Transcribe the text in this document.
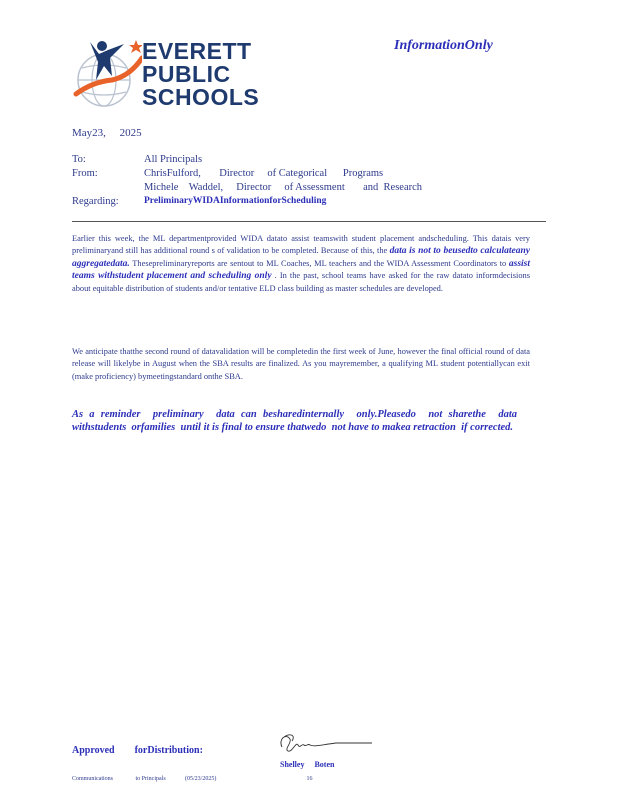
EVERETT
PUBLIC
SCHOOLS
InformationOnly
May23,     2025
To:	All Principals
From:	ChrisFulford,       Director     of Categorical      Programs
Michele    Waddel,     Director     of Assessment       and  Research
Regarding:	PreliminaryWIDAInformationforScheduling
Earlier this week, the ML departmentprovided WIDA datato assist teamswith student placement andscheduling. This datais very preliminaryand still has additional round s of validation to be completed. Because of this, the data is not to beusedto calculateany aggregatedata. Thesepreliminaryreports are sentout to ML Coaches, ML teachers and the WIDA Assessment Coordinators to assist teams withstudent placement and scheduling only . In the past, school teams have asked for the raw datato informdecisions about equitable distribution of students and/or tentative ELD class building as master schedules are developed.
We anticipate thatthe second round of datavalidation will be completedin the first week of June, however the final official round of data release will likelybe in August when the SBA results are finalized. As you mayremember, a qualifying ML student potentiallycan exit (make proficiency) bymeetingstandard onthe SBA.
As a reminder  preliminary  data can besharedinternally  only.Pleasedo  not sharethe  data withstudents  orfamilies  until it is final to ensure thatwedo  not have to makea retraction  if corrected.
Approved        forDistribution:
Shelley     Boten
Communications	to Principals	(05/23/2025)	16
